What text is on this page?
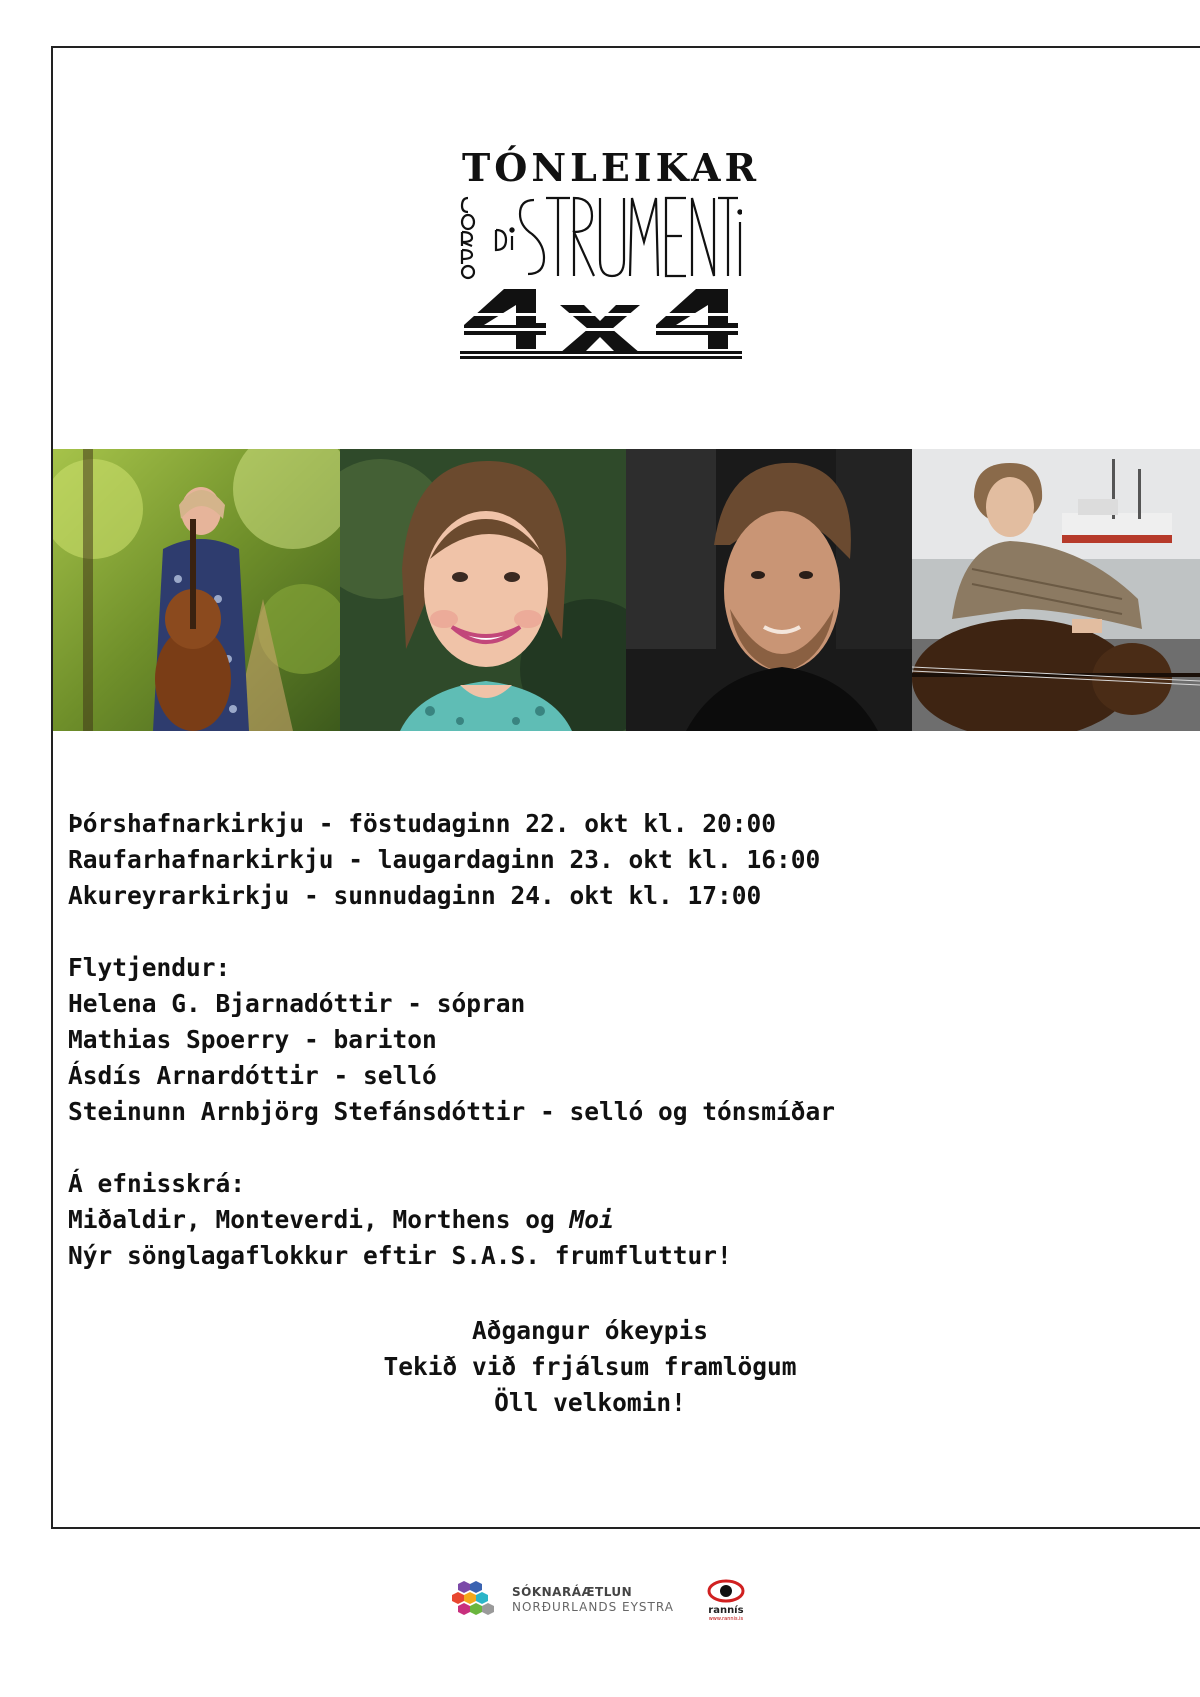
TÓNLEIKAR
Þórshafnarkirkju - föstudaginn 22. okt kl. 20:00
Raufarhafnarkirkju - laugardaginn 23. okt kl. 16:00
Akureyrarkirkju - sunnudaginn 24. okt kl. 17:00
Flytjendur:
Helena G. Bjarnadóttir - sópran
Mathias Spoerry - bariton
Ásdís Arnardóttir - selló
Steinunn Arnbjörg Stefánsdóttir - selló og tónsmíðar
Á efnisskrá:
Miðaldir, Monteverdi, Morthens og Moi
Nýr sönglagaflokkur eftir S.A.S. frumfluttur!
Aðgangur ókeypis
Tekið við frjálsum framlögum
Öll velkomin!
SÓKNARÁÆTLUN
NORÐURLANDS EYSTRA	rannís
www.rannis.is
